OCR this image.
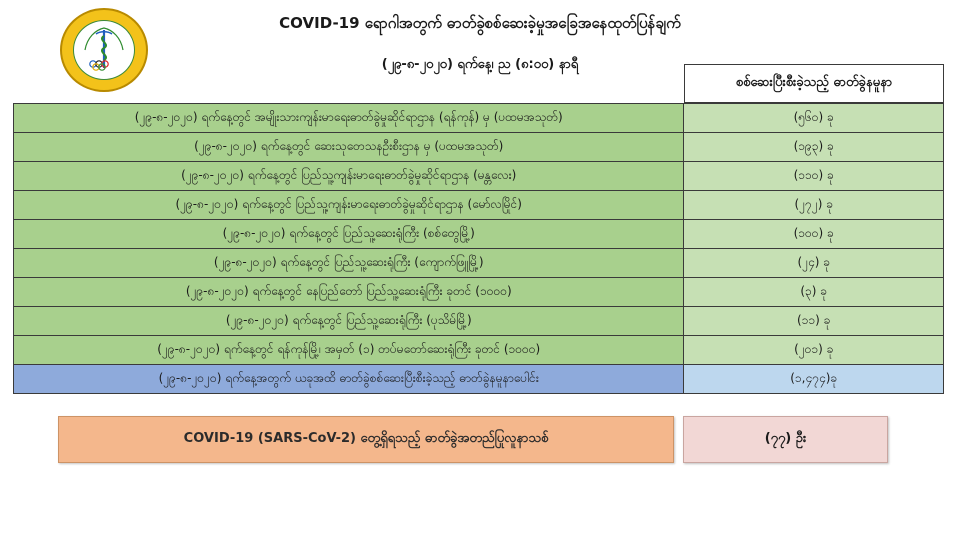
COVID-19 ရောဂါအတွက် ဓာတ်ခွဲစစ်ဆေးခဲ့မှုအခြေအနေထုတ်ပြန်ချက်
(၂၉-၈-၂၀၂၀) ရက်နေ့၊ ည (၈:၀၀) နာရီ
စစ်ဆေးပြီးစီးခဲ့သည့် ဓာတ်ခွဲနမူနာ
(၂၉-၈-၂၀၂၀) ရက်နေ့တွင် အမျိုးသားကျန်းမာရေးဓာတ်ခွဲမှုဆိုင်ရာဌာန (ရန်ကုန်) မှ (ပထမအသုတ်)	(၅၆၀) ခု
(၂၉-၈-၂၀၂၀) ရက်နေ့တွင် ဆေးသုတေသနဦးစီးဌာန မှ (ပထမအသုတ်)	(၁၉၃) ခု
(၂၉-၈-၂၀၂၀) ရက်နေ့တွင် ပြည်သူ့ကျန်းမာရေးဓာတ်ခွဲမှုဆိုင်ရာဌာန (မန္တလေး)	(၁၁၀) ခု
(၂၉-၈-၂၀၂၀) ရက်နေ့တွင် ပြည်သူ့ကျန်းမာရေးဓာတ်ခွဲမှုဆိုင်ရာဌာန (မော်လမြိုင်)	(၂၇၂) ခု
(၂၉-၈-၂၀၂၀) ရက်နေ့တွင် ပြည်သူ့ဆေးရုံကြီး (စစ်တွေမြို့)	(၁၀၀) ခု
(၂၉-၈-၂၀၂၀) ရက်နေ့တွင် ပြည်သူ့ဆေးရုံကြီး (ကျောက်ဖြူမြို့)	(၂၄) ခု
(၂၉-၈-၂၀၂၀) ရက်နေ့တွင် နေပြည်တော် ပြည်သူ့ဆေးရုံကြီး ခုတင် (၁၀၀၀)	(၃) ခု
(၂၉-၈-၂၀၂၀) ရက်နေ့တွင် ပြည်သူ့ဆေးရုံကြီး (ပုသိမ်မြို့)	(၁၁) ခု
(၂၉-၈-၂၀၂၀) ရက်နေ့တွင် ရန်ကုန်မြို့၊ အမှတ် (၁) တပ်မတော်ဆေးရုံကြီး ခုတင် (၁၀၀၀)	(၂၀၁) ခု
(၂၉-၈-၂၀၂၀) ရက်နေ့အတွက် ယခုအထိ ဓာတ်ခွဲစစ်ဆေးပြီးစီးခဲ့သည့် ဓာတ်ခွဲနမူနာပေါင်း	(၁,၄၇၄)ခု
COVID-19 (SARS-CoV-2) တွေ့ရှိရသည့် ဓာတ်ခွဲအတည်ပြုလူနာသစ်	(၇၇) ဦး
